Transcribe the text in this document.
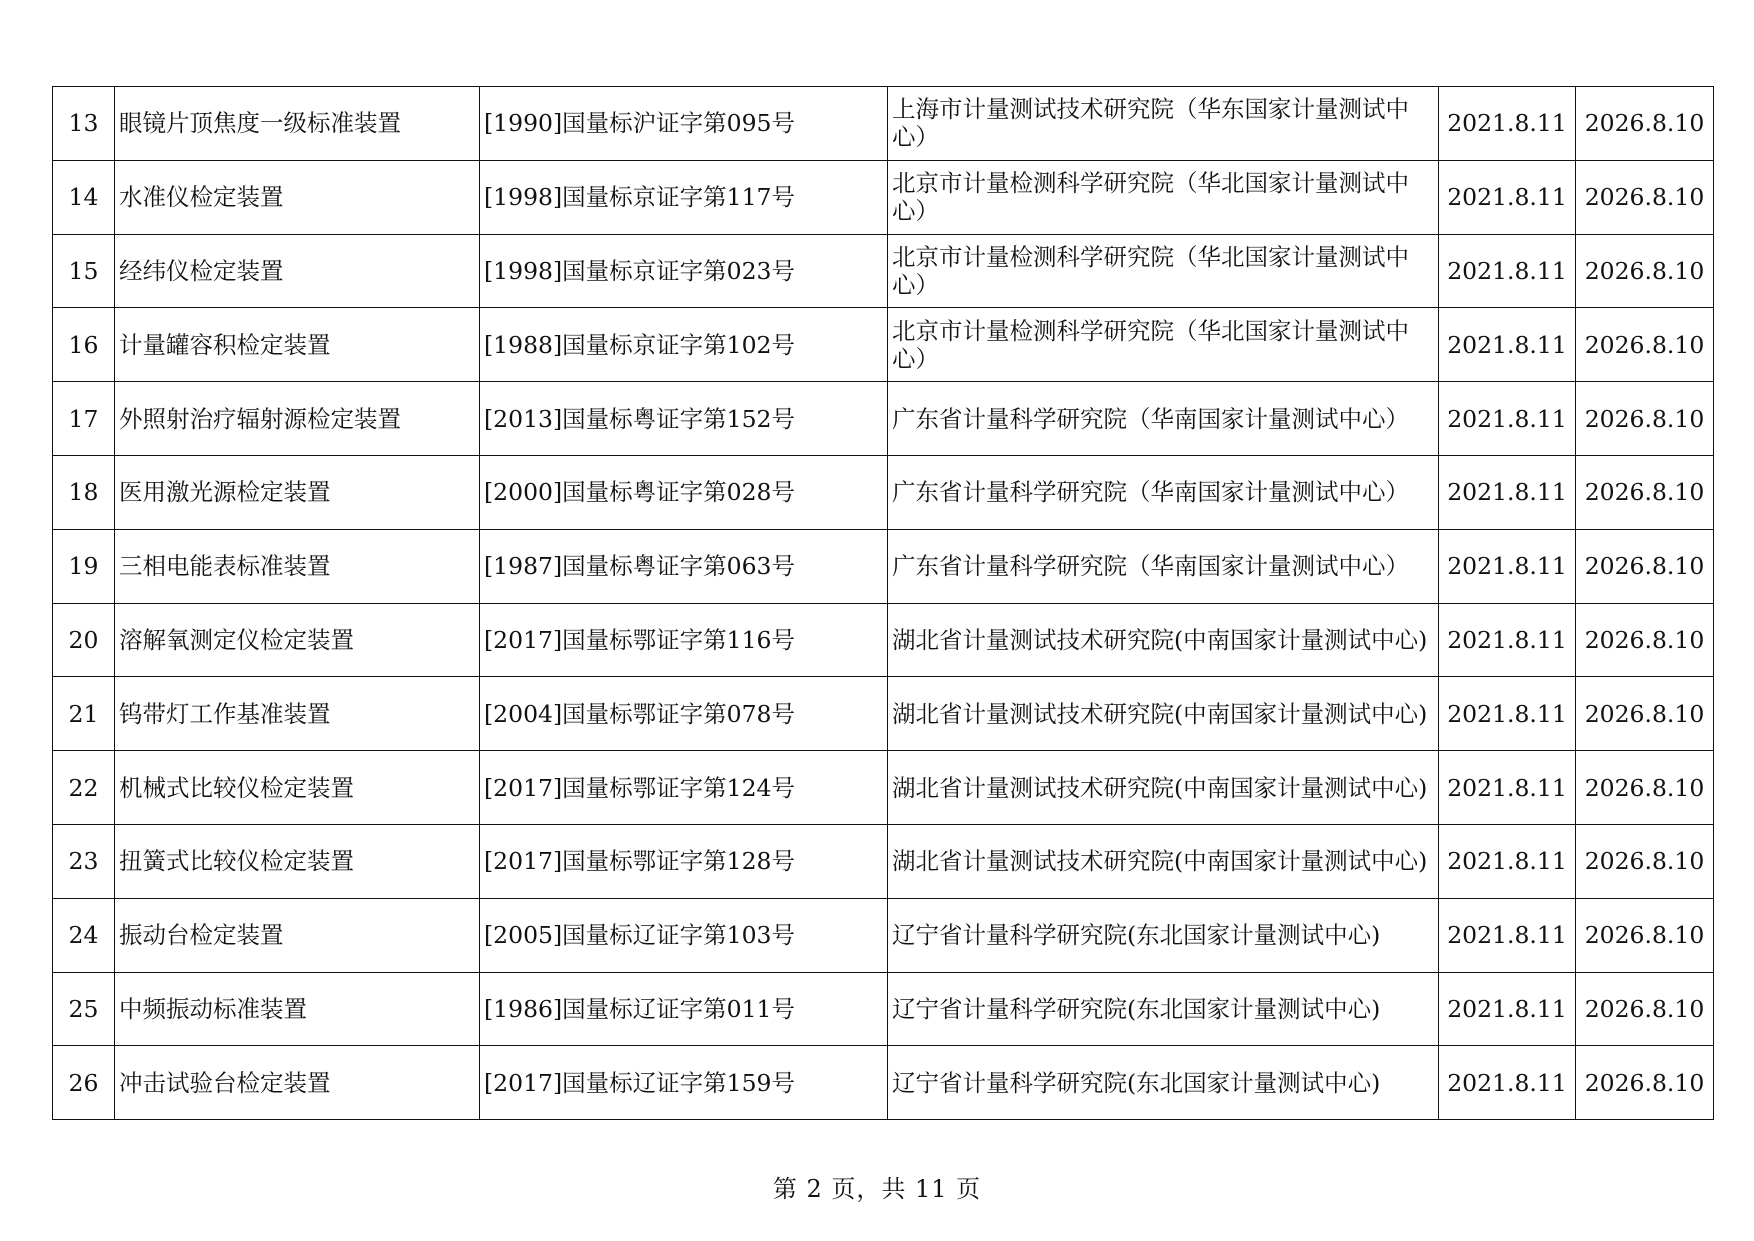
13	眼镜片顶焦度一级标准装置	[1990]国量标沪证字第095号	上海市计量测试技术研究院（华东国家计量测试中心）	2021.8.11	2026.8.10
14	水准仪检定装置	[1998]国量标京证字第117号	北京市计量检测科学研究院（华北国家计量测试中心）	2021.8.11	2026.8.10
15	经纬仪检定装置	[1998]国量标京证字第023号	北京市计量检测科学研究院（华北国家计量测试中心）	2021.8.11	2026.8.10
16	计量罐容积检定装置	[1988]国量标京证字第102号	北京市计量检测科学研究院（华北国家计量测试中心）	2021.8.11	2026.8.10
17	外照射治疗辐射源检定装置	[2013]国量标粤证字第152号	广东省计量科学研究院（华南国家计量测试中心）	2021.8.11	2026.8.10
18	医用激光源检定装置	[2000]国量标粤证字第028号	广东省计量科学研究院（华南国家计量测试中心）	2021.8.11	2026.8.10
19	三相电能表标准装置	[1987]国量标粤证字第063号	广东省计量科学研究院（华南国家计量测试中心）	2021.8.11	2026.8.10
20	溶解氧测定仪检定装置	[2017]国量标鄂证字第116号	湖北省计量测试技术研究院(中南国家计量测试中心)	2021.8.11	2026.8.10
21	钨带灯工作基准装置	[2004]国量标鄂证字第078号	湖北省计量测试技术研究院(中南国家计量测试中心)	2021.8.11	2026.8.10
22	机械式比较仪检定装置	[2017]国量标鄂证字第124号	湖北省计量测试技术研究院(中南国家计量测试中心)	2021.8.11	2026.8.10
23	扭簧式比较仪检定装置	[2017]国量标鄂证字第128号	湖北省计量测试技术研究院(中南国家计量测试中心)	2021.8.11	2026.8.10
24	振动台检定装置	[2005]国量标辽证字第103号	辽宁省计量科学研究院(东北国家计量测试中心)	2021.8.11	2026.8.10
25	中频振动标准装置	[1986]国量标辽证字第011号	辽宁省计量科学研究院(东北国家计量测试中心)	2021.8.11	2026.8.10
26	冲击试验台检定装置	[2017]国量标辽证字第159号	辽宁省计量科学研究院(东北国家计量测试中心)	2021.8.11	2026.8.10
第 2 页，共 11 页
